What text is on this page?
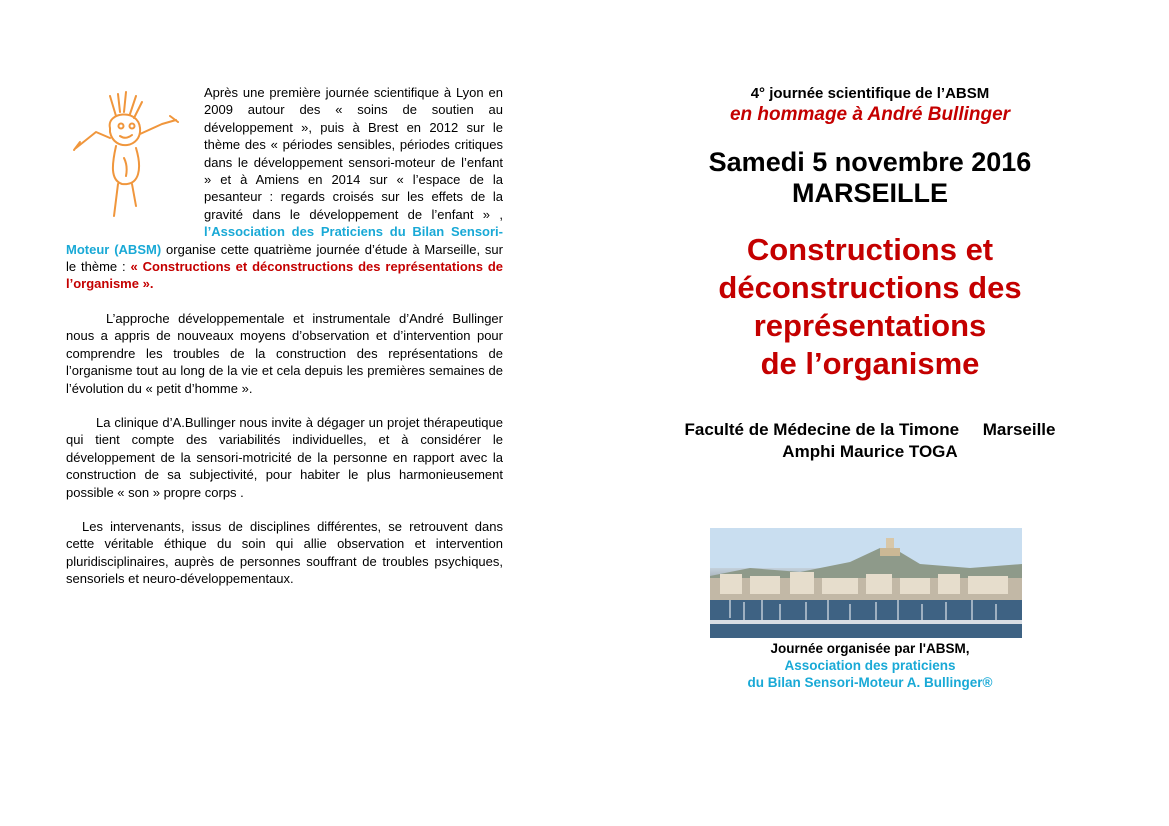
Après une première journée scientifique à Lyon en 2009 autour des « soins de soutien au développement », puis à Brest en 2012 sur le thème des « périodes sensibles, périodes critiques dans le développement sensori-moteur de l’enfant » et à Amiens en 2014 sur « l’espace de la pesanteur : regards croisés sur les effets de la gravité dans le développement de l’enfant » , l’Association des Praticiens du Bilan Sensori-Moteur (ABSM) organise cette quatrième journée d’étude à Marseille, sur le thème : « Constructions et déconstructions des représentations de l’organisme ».

L’approche développementale et instrumentale d’André Bullinger nous a appris de nouveaux moyens d’observation et d’intervention pour comprendre les troubles de la construction des représentations de l’organisme tout au long de la vie et cela depuis les premières semaines de l’évolution du « petit d’homme ».

La clinique d’A.Bullinger nous invite à dégager un projet thérapeutique qui tient compte des variabilités individuelles, et à considérer le développement de la sensori-motricité de la personne en rapport avec la construction de sa subjectivité, pour habiter le plus harmonieusement possible « son » propre corps .

Les intervenants, issus de disciplines différentes, se retrouvent dans cette véritable éthique du soin qui allie observation et intervention pluridisciplinaires, auprès de personnes souffrant de troubles psychiques, sensoriels et neuro-développementaux.

4° journée scientifique de l’ABSM
en hommage à André Bullinger
Samedi 5 novembre 2016
MARSEILLE
Constructions et
déconstructions des
représentations
de l’organisme
Faculté de Médecine de la Timone     Marseille
Amphi Maurice TOGA
Journée organisée par l'ABSM,
Association des praticiens
du Bilan Sensori-Moteur A. Bullinger®
